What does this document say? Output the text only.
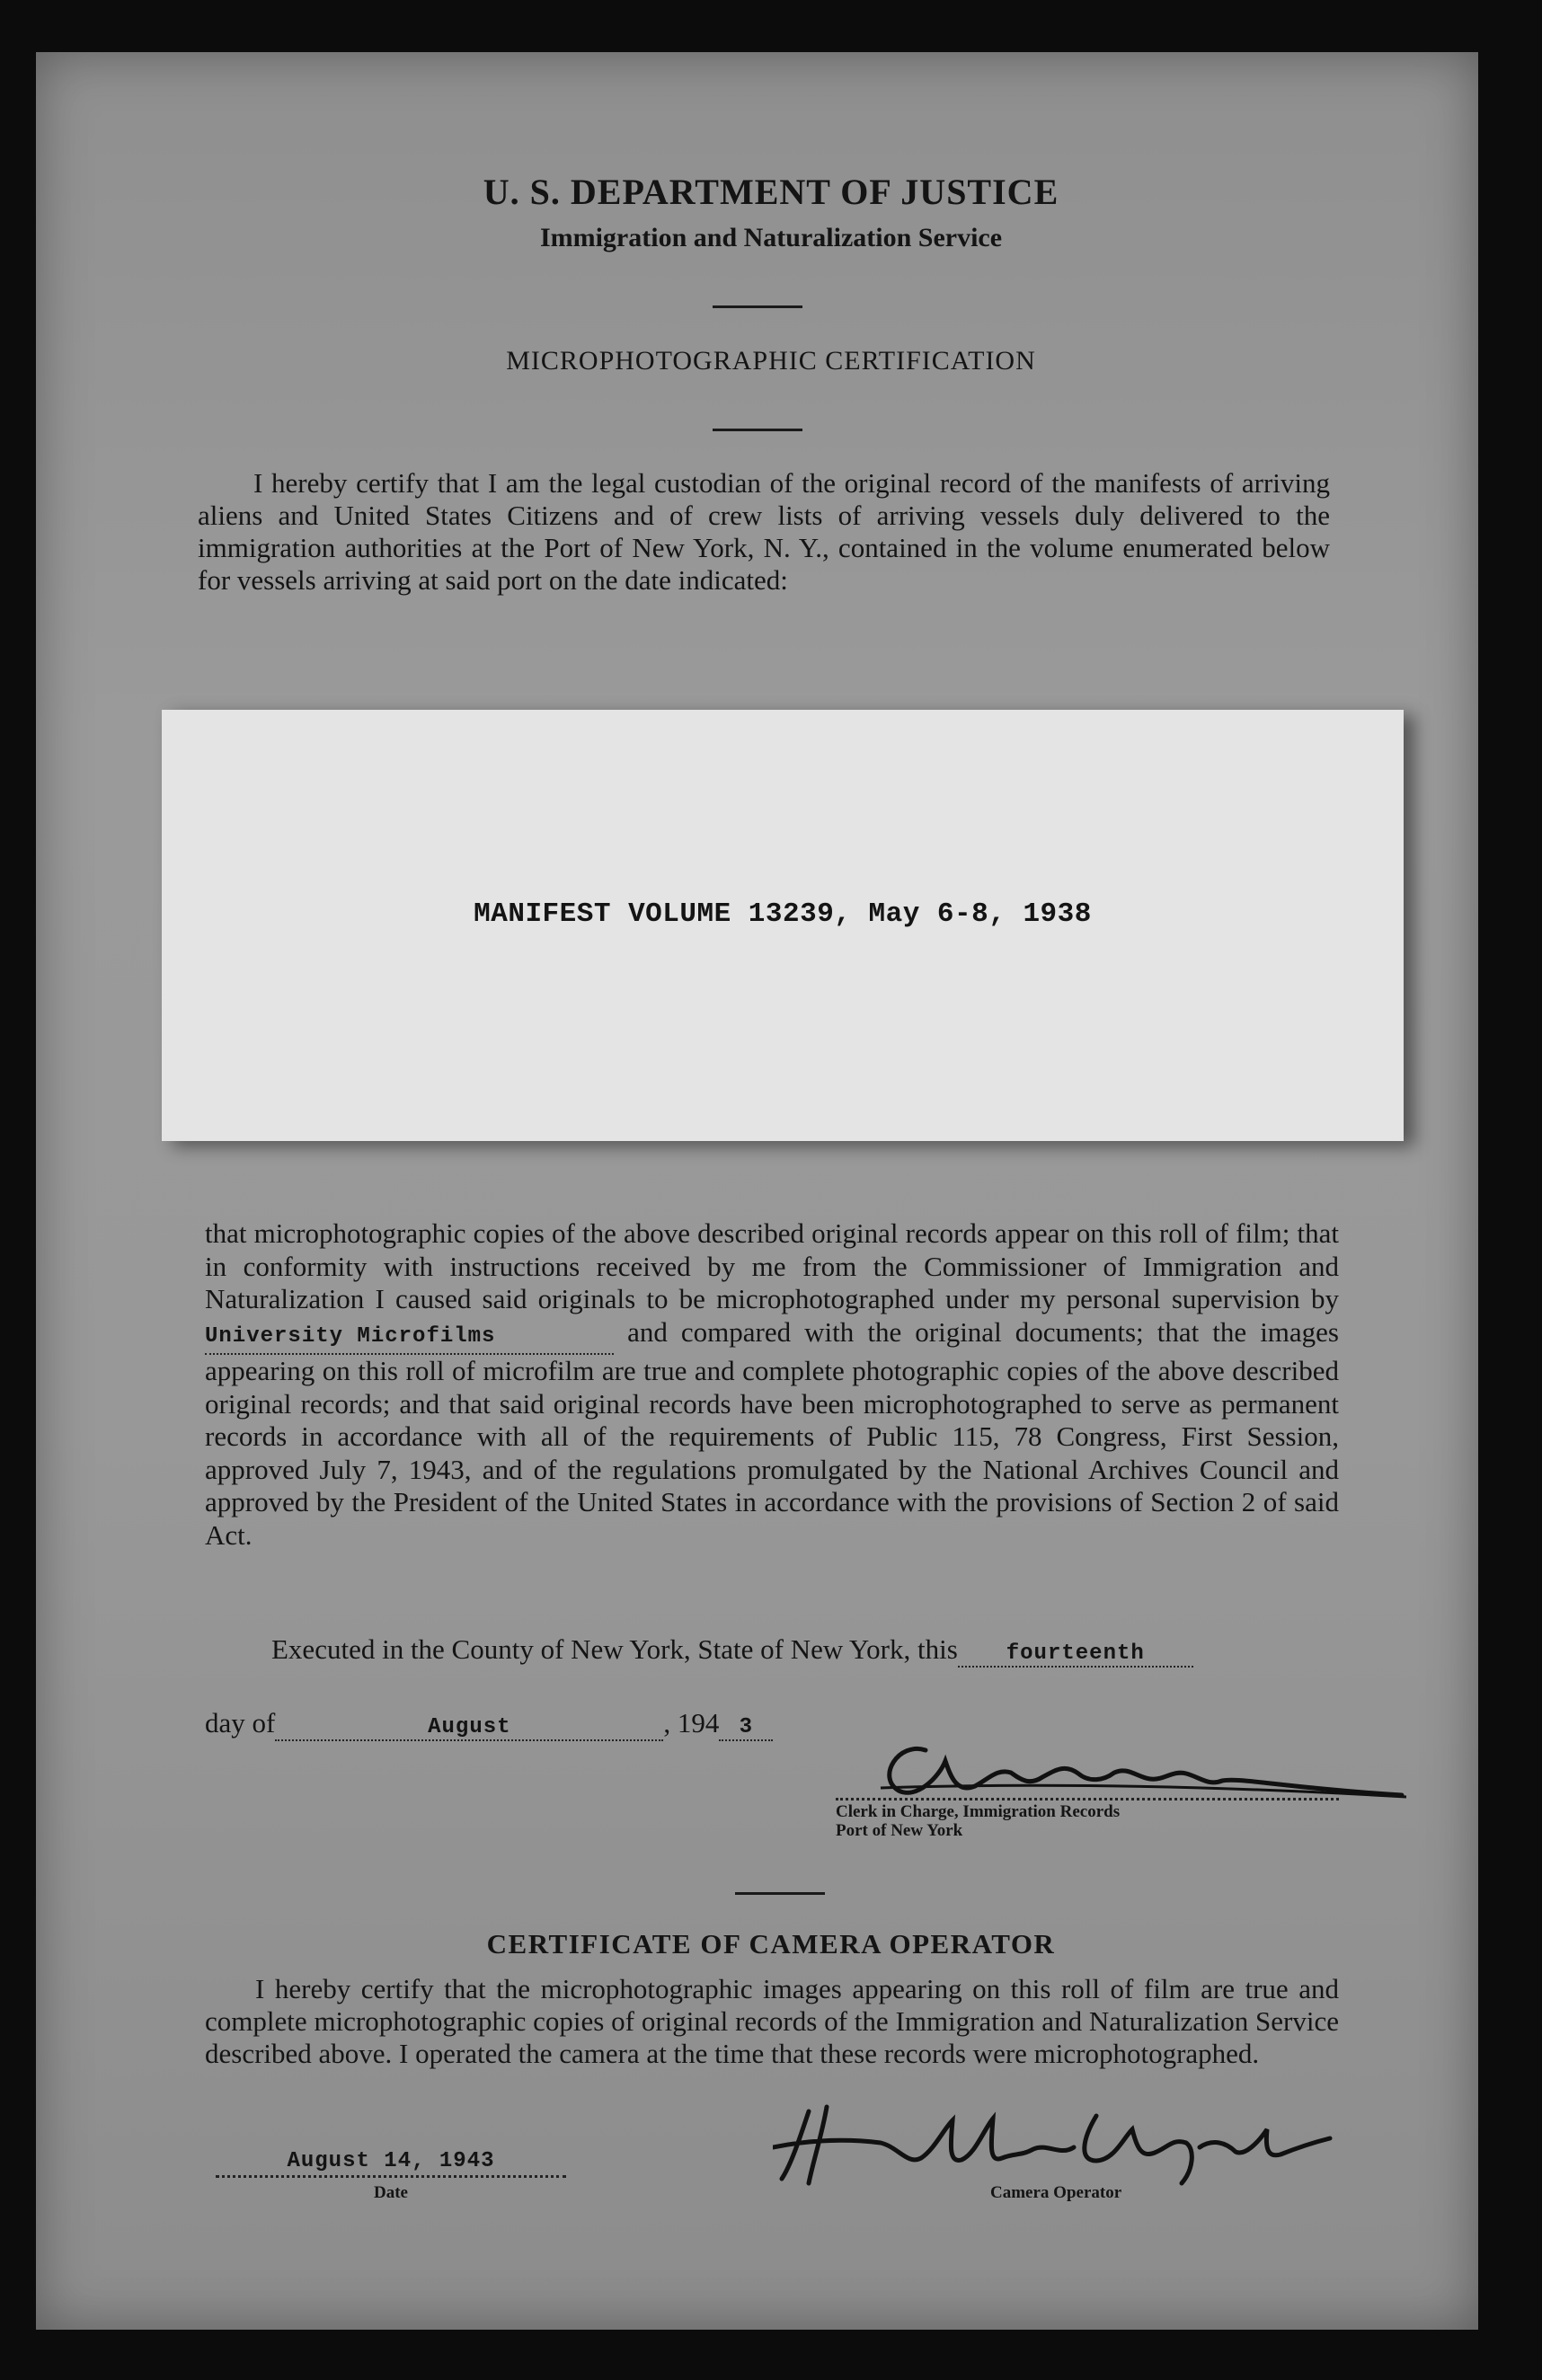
U. S. DEPARTMENT OF JUSTICE
Immigration and Naturalization Service
MICROPHOTOGRAPHIC CERTIFICATION
I hereby certify that I am the legal custodian of the original record of the manifests of arriving aliens and United States Citizens and of crew lists of arriving vessels duly delivered to the immigration authorities at the Port of New York, N. Y., contained in the volume enumerated below for vessels arriving at said port on the date indicated:
MANIFEST VOLUME 13239, May 6-8, 1938
that microphotographic copies of the above described original records appear on this roll of film; that in conformity with instructions received by me from the Commissioner of Immigration and Naturalization I caused said originals to be microphotographed under my personal supervision byUniversity Microfilms	and compared with the original documents; that the images appearing on this roll of microfilm are true and complete photographic copies of the above described original records; and that said original records have been microphotographed to serve as permanent records in accordance with all of the requirements of Public 115, 78 Congress, First Session, approved July 7, 1943, and of the regulations promulgated by the National Archives Council and approved by the President of the United States in accordance with the provisions of Section 2 of said Act.
Executed in the County of New York, State of New York, this fourteenth
day of	August	, 194 3
Clerk in Charge, Immigration Records
Port of New York
CERTIFICATE OF CAMERA OPERATOR
I hereby certify that the microphotographic images appearing on this roll of film are true and complete microphotographic copies of original records of the Immigration and Naturalization Service described above. I operated the camera at the time that these records were microphotographed.
August 14, 1943
Date	Camera Operator
